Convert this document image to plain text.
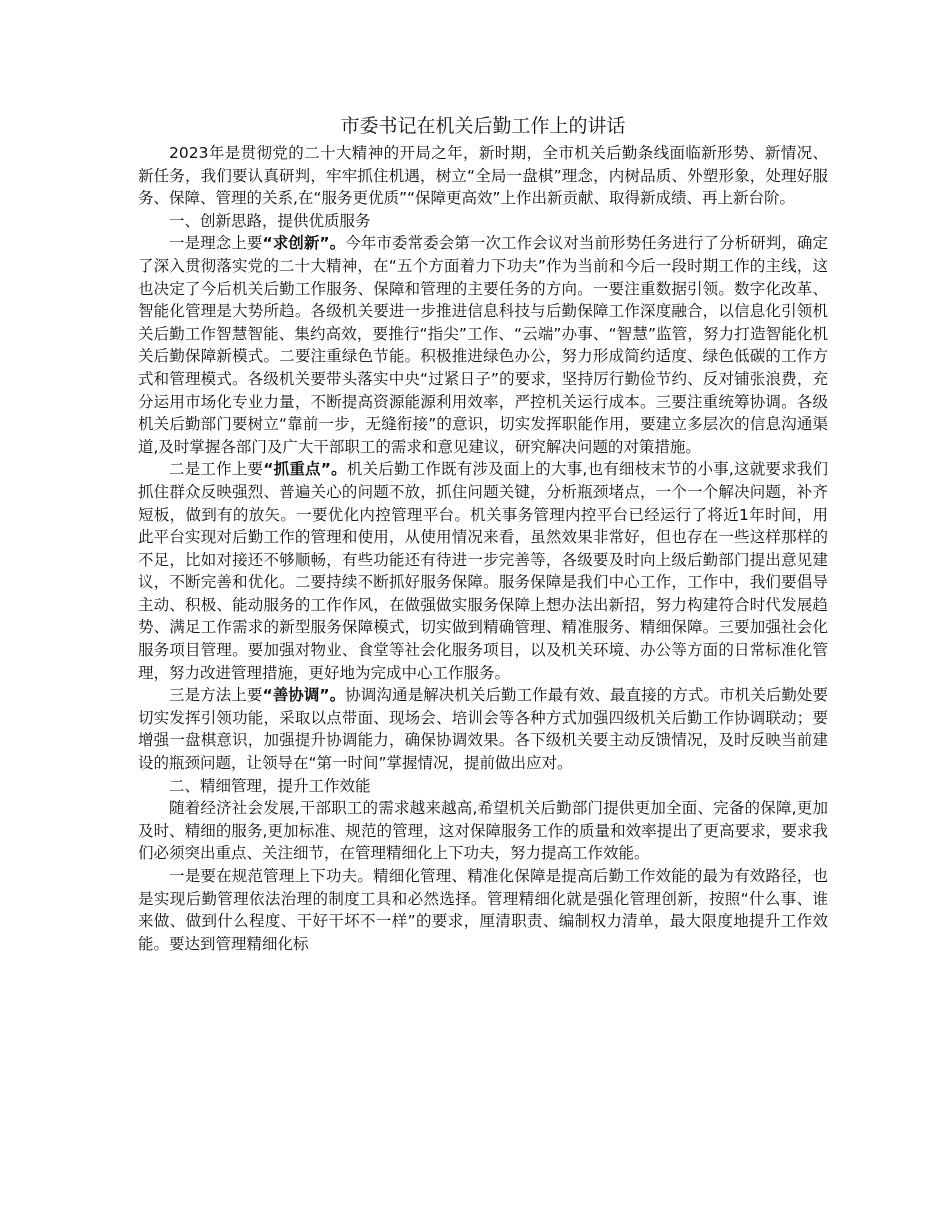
市委书记在机关后勤工作上的讲话

2023年是贯彻党的二十大精神的开局之年，新时期，全市机关后勤条线面临新形势、新情况、新任务，我们要认真研判，牢牢抓住机遇，树立“全局一盘棋”理念，内树品质、外塑形象，处理好服务、保障、管理的关系,在“服务更优质”“保障更高效”上作出新贡献、取得新成绩、再上新台阶。

一、创新思路，提供优质服务

一是理念上要“求创新”。今年市委常委会第一次工作会议对当前形势任务进行了分析研判，确定了深入贯彻落实党的二十大精神，在“五个方面着力下功夫”作为当前和今后一段时期工作的主线，这也决定了今后机关后勤工作服务、保障和管理的主要任务的方向。一要注重数据引领。数字化改革、智能化管理是大势所趋。各级机关要进一步推进信息科技与后勤保障工作深度融合，以信息化引领机关后勤工作智慧智能、集约高效，要推行“指尖”工作、“云端”办事、“智慧”监管，努力打造智能化机关后勤保障新模式。二要注重绿色节能。积极推进绿色办公，努力形成简约适度、绿色低碳的工作方式和管理模式。各级机关要带头落实中央“过紧日子”的要求，坚持厉行勤俭节约、反对铺张浪费，充分运用市场化专业力量，不断提高资源能源利用效率，严控机关运行成本。三要注重统筹协调。各级机关后勤部门要树立“靠前一步，无缝衔接”的意识，切实发挥职能作用，要建立多层次的信息沟通渠道,及时掌握各部门及广大干部职工的需求和意见建议，研究解决问题的对策措施。

二是工作上要“抓重点”。机关后勤工作既有涉及面上的大事,也有细枝末节的小事,这就要求我们抓住群众反映强烈、普遍关心的问题不放，抓住问题关键，分析瓶颈堵点，一个一个解决问题，补齐短板，做到有的放矢。一要优化内控管理平台。机关事务管理内控平台已经运行了将近1年时间，用此平台实现对后勤工作的管理和使用，从使用情况来看，虽然效果非常好，但也存在一些这样那样的不足，比如对接还不够顺畅，有些功能还有待进一步完善等，各级要及时向上级后勤部门提出意见建议，不断完善和优化。二要持续不断抓好服务保障。服务保障是我们中心工作，工作中，我们要倡导主动、积极、能动服务的工作作风，在做强做实服务保障上想办法出新招，努力构建符合时代发展趋势、满足工作需求的新型服务保障模式，切实做到精确管理、精准服务、精细保障。三要加强社会化服务项目管理。要加强对物业、食堂等社会化服务项目，以及机关环境、办公等方面的日常标准化管理，努力改进管理措施，更好地为完成中心工作服务。

三是方法上要“善协调”。协调沟通是解决机关后勤工作最有效、最直接的方式。市机关后勤处要切实发挥引领功能，采取以点带面、现场会、培训会等各种方式加强四级机关后勤工作协调联动；要增强一盘棋意识，加强提升协调能力，确保协调效果。各下级机关要主动反馈情况，及时反映当前建设的瓶颈问题，让领导在“第一时间”掌握情况，提前做出应对。

二、精细管理，提升工作效能

随着经济社会发展,干部职工的需求越来越高,希望机关后勤部门提供更加全面、完备的保障,更加及时、精细的服务,更加标准、规范的管理，这对保障服务工作的质量和效率提出了更高要求，要求我们必须突出重点、关注细节，在管理精细化上下功夫，努力提高工作效能。

一是要在规范管理上下功夫。精细化管理、精准化保障是提高后勤工作效能的最为有效路径，也是实现后勤管理依法治理的制度工具和必然选择。管理精细化就是强化管理创新，按照“什么事、谁来做、做到什么程度、干好干坏不一样”的要求，厘清职责、编制权力清单，最大限度地提升工作效能。要达到管理精细化标
